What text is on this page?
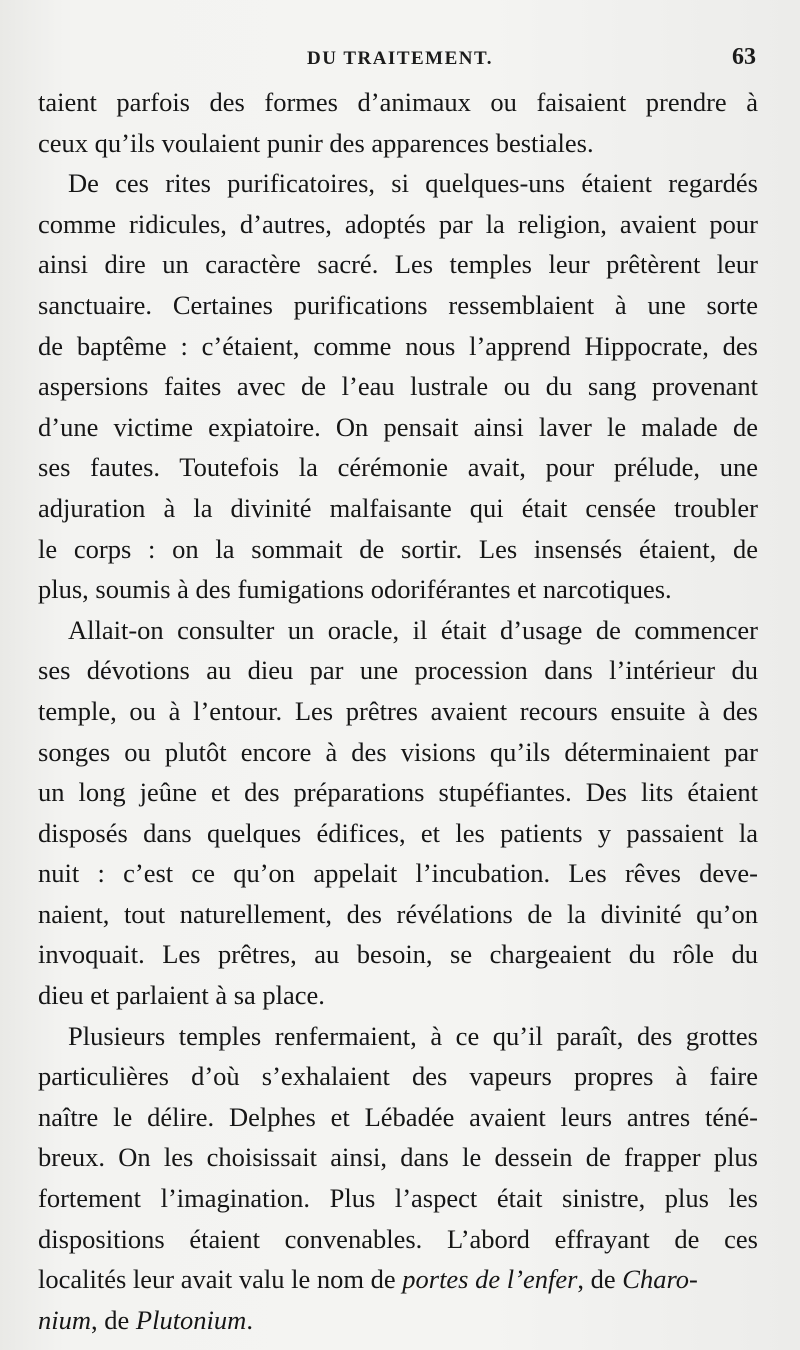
DU TRAITEMENT.	63
taient parfois des formes d’animaux ou faisaient prendre à
ceux qu’ils voulaient punir des apparences bestiales.
De ces rites purificatoires, si quelques-uns étaient regardés
comme ridicules, d’autres, adoptés par la religion, avaient pour
ainsi dire un caractère sacré. Les temples leur prêtèrent leur
sanctuaire. Certaines purifications ressemblaient à une sorte
de baptême : c’étaient, comme nous l’apprend Hippocrate, des
aspersions faites avec de l’eau lustrale ou du sang provenant
d’une victime expiatoire. On pensait ainsi laver le malade de
ses fautes. Toutefois la cérémonie avait, pour prélude, une
adjuration à la divinité malfaisante qui était censée troubler
le corps : on la sommait de sortir. Les insensés étaient, de
plus, soumis à des fumigations odoriférantes et narcotiques.
Allait-on consulter un oracle, il était d’usage de commencer
ses dévotions au dieu par une procession dans l’intérieur du
temple, ou à l’entour. Les prêtres avaient recours ensuite à des
songes ou plutôt encore à des visions qu’ils déterminaient par
un long jeûne et des préparations stupéfiantes. Des lits étaient
disposés dans quelques édifices, et les patients y passaient la
nuit : c’est ce qu’on appelait l’incubation. Les rêves deve-
naient, tout naturellement, des révélations de la divinité qu’on
invoquait. Les prêtres, au besoin, se chargeaient du rôle du
dieu et parlaient à sa place.
Plusieurs temples renfermaient, à ce qu’il paraît, des grottes
particulières d’où s’exhalaient des vapeurs propres à faire
naître le délire. Delphes et Lébadée avaient leurs antres téné-
breux. On les choisissait ainsi, dans le dessein de frapper plus
fortement l’imagination. Plus l’aspect était sinistre, plus les
dispositions étaient convenables. L’abord effrayant de ces
localités leur avait valu le nom de portes de l’enfer, de Charo-
nium, de Plutonium.
